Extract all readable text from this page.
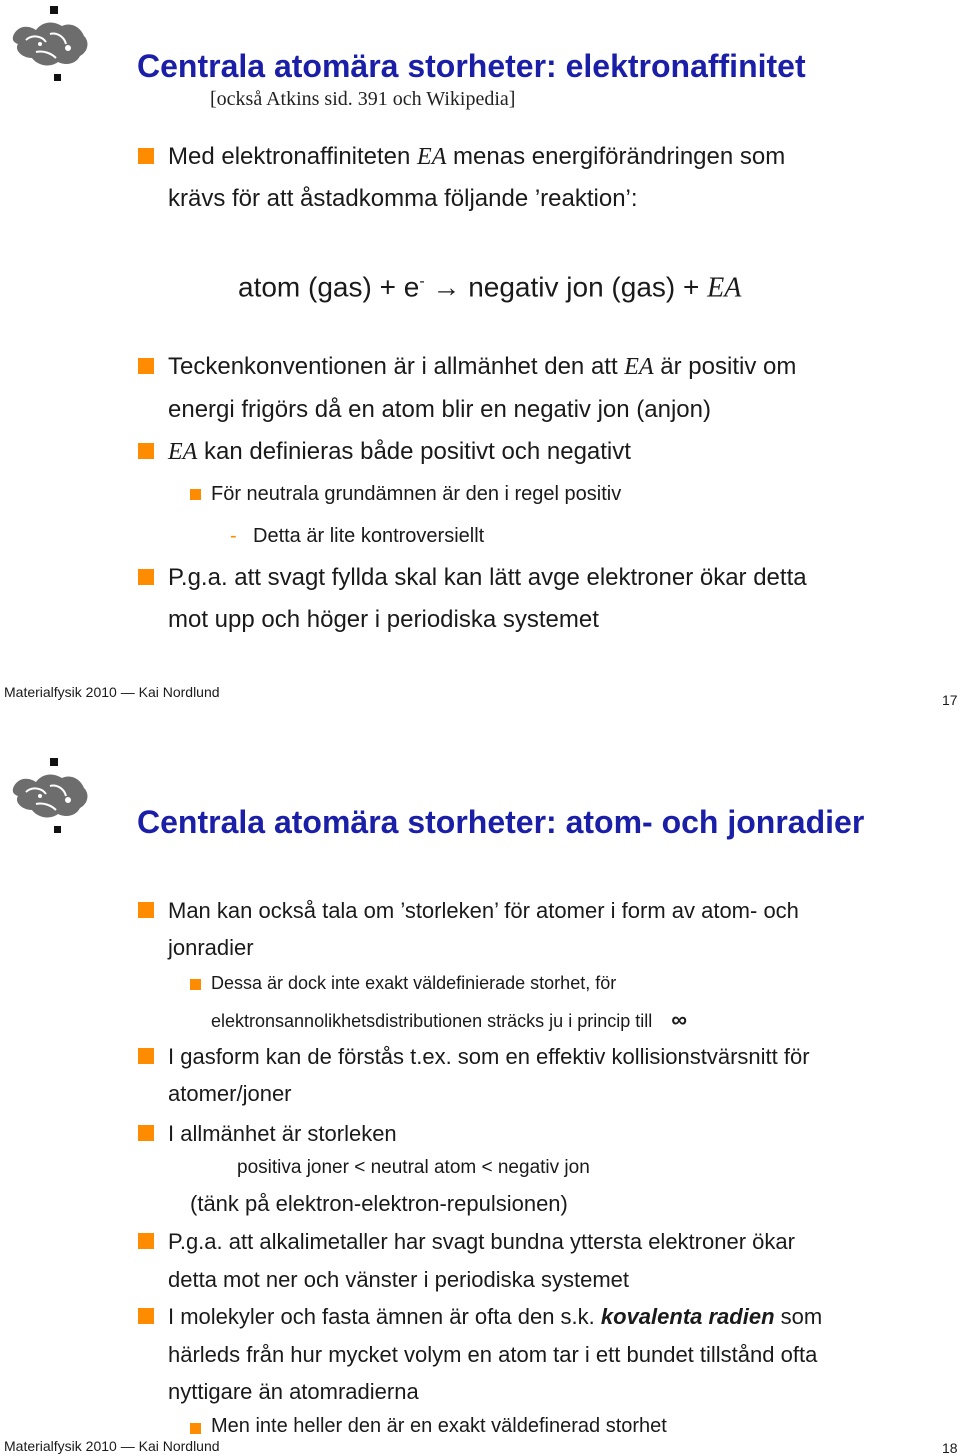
Centrala atomära storheter: elektronaffinitet
[också Atkins sid. 391 och Wikipedia]
Med elektronaffiniteten EA menas energiförändringen som
krävs för att åstadkomma följande ’reaktion’:
atom (gas) + e- → negativ jon (gas) + EA
Teckenkonventionen är i allmänhet den att EA är positiv om
energi frigörs då en atom blir en negativ jon (anjon)
EA kan definieras både positivt och negativt
För neutrala grundämnen är den i regel positiv
- Detta är lite kontroversiellt
P.g.a. att svagt fyllda skal kan lätt avge elektroner ökar detta
mot upp och höger i periodiska systemet
Materialfysik 2010 — Kai Nordlund	17
Centrala atomära storheter: atom- och jonradier
Man kan också tala om ’storleken’ för atomer i form av atom- och
jonradier
Dessa är dock inte exakt väldefinierade storhet, för
elektronsannolikhetsdistributionen sträcks ju i princip till ∞
I gasform kan de förstås t.ex. som en effektiv kollisionstvärsnitt för
atomer/joner
I allmänhet är storleken
positiva joner < neutral atom < negativ jon
(tänk på elektron-elektron-repulsionen)
P.g.a. att alkalimetaller har svagt bundna yttersta elektroner ökar
detta mot ner och vänster i periodiska systemet
I molekyler och fasta ämnen är ofta den s.k. kovalenta radien som
härleds från hur mycket volym en atom tar i ett bundet tillstånd ofta
nyttigare än atomradierna
Men inte heller den är en exakt väldefinerad storhet
Materialfysik 2010 — Kai Nordlund	18
